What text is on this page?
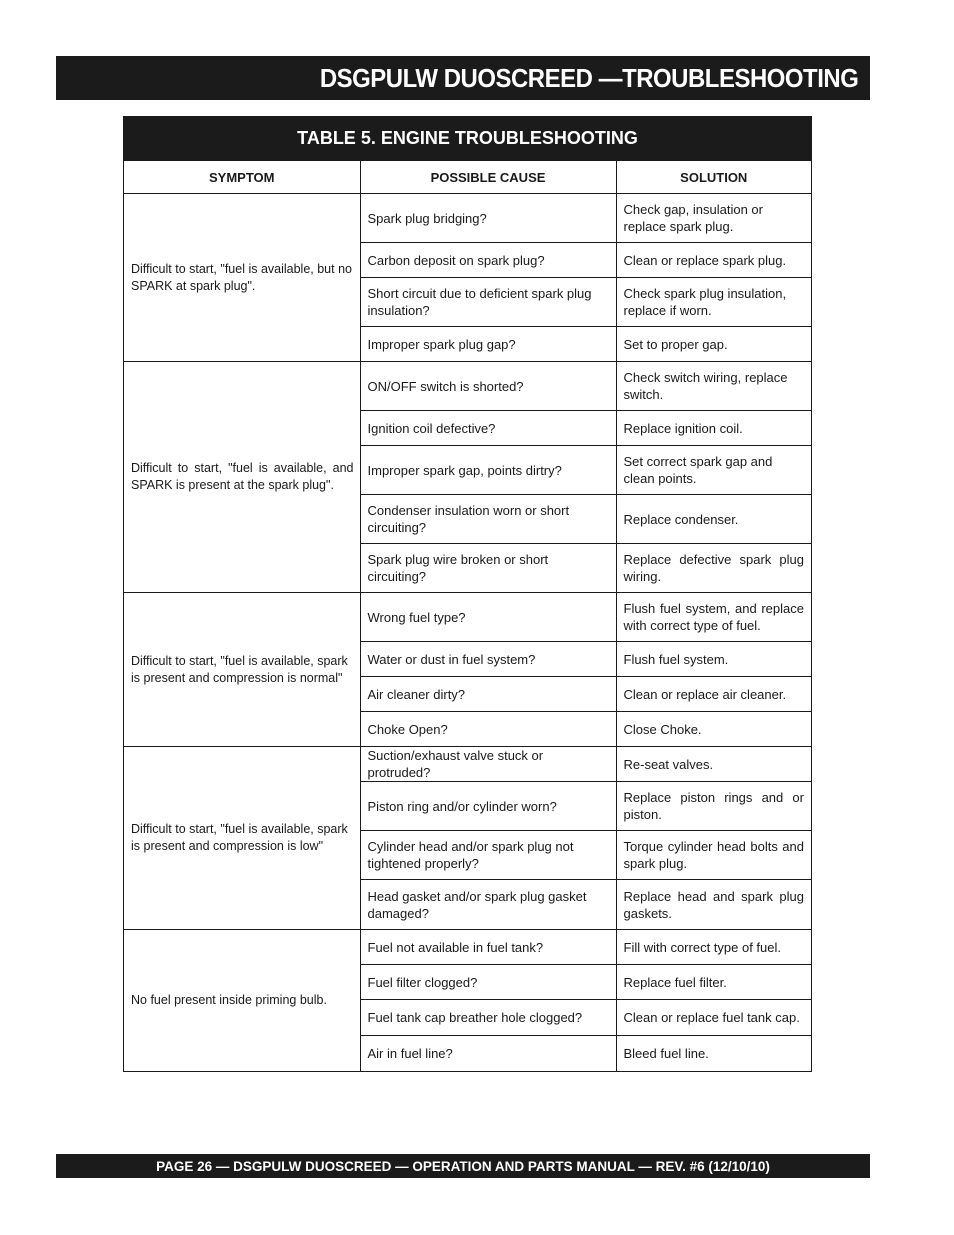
DSGPULW DUOSCREED —TROUBLESHOOTING
TABLE 5. ENGINE TROUBLESHOOTING
SYMPTOM	POSSIBLE CAUSE	SOLUTION
Difficult to start, "fuel is available, but no SPARK at spark plug".	Spark plug bridging?	Check gap, insulation or replace spark plug.
	Carbon deposit on spark plug?	Clean or replace spark plug.
	Short circuit due to deficient spark plug insulation?	Check spark plug insulation, replace if worn.
	Improper spark plug gap?	Set to proper gap.
Difficult to start, "fuel is available, and SPARK is present at the spark plug".	ON/OFF switch is shorted?	Check switch wiring, replace switch.
	Ignition coil defective?	Replace ignition coil.
	Improper spark gap, points dirtry?	Set correct spark gap and clean points.
	Condenser insulation worn or short circuiting?	Replace condenser.
	Spark plug wire broken or short circuiting?	Replace defective spark plug wiring.
Difficult to start, "fuel is available, spark is present and compression is normal"	Wrong fuel type?	Flush fuel system, and replace with correct type of fuel.
	Water or dust in fuel system?	Flush fuel system.
	Air cleaner dirty?	Clean or replace air cleaner.
	Choke Open?	Close Choke.
Difficult to start, "fuel is available, spark is present and compression is low"	Suction/exhaust valve stuck or protruded?	Re-seat valves.
	Piston ring and/or cylinder worn?	Replace piston rings and or piston.
	Cylinder head and/or spark plug not tightened properly?	Torque cylinder head bolts and spark plug.
	Head gasket and/or spark plug gasket damaged?	Replace head and spark plug gaskets.
No fuel present inside priming bulb.	Fuel not available in fuel tank?	Fill with correct type of fuel.
	Fuel filter clogged?	Replace fuel filter.
	Fuel tank cap breather hole clogged?	Clean or replace fuel tank cap.
	Air in fuel line?	Bleed fuel line.
PAGE 26 — DSGPULW DUOSCREED — OPERATION AND PARTS MANUAL — REV. #6 (12/10/10)
